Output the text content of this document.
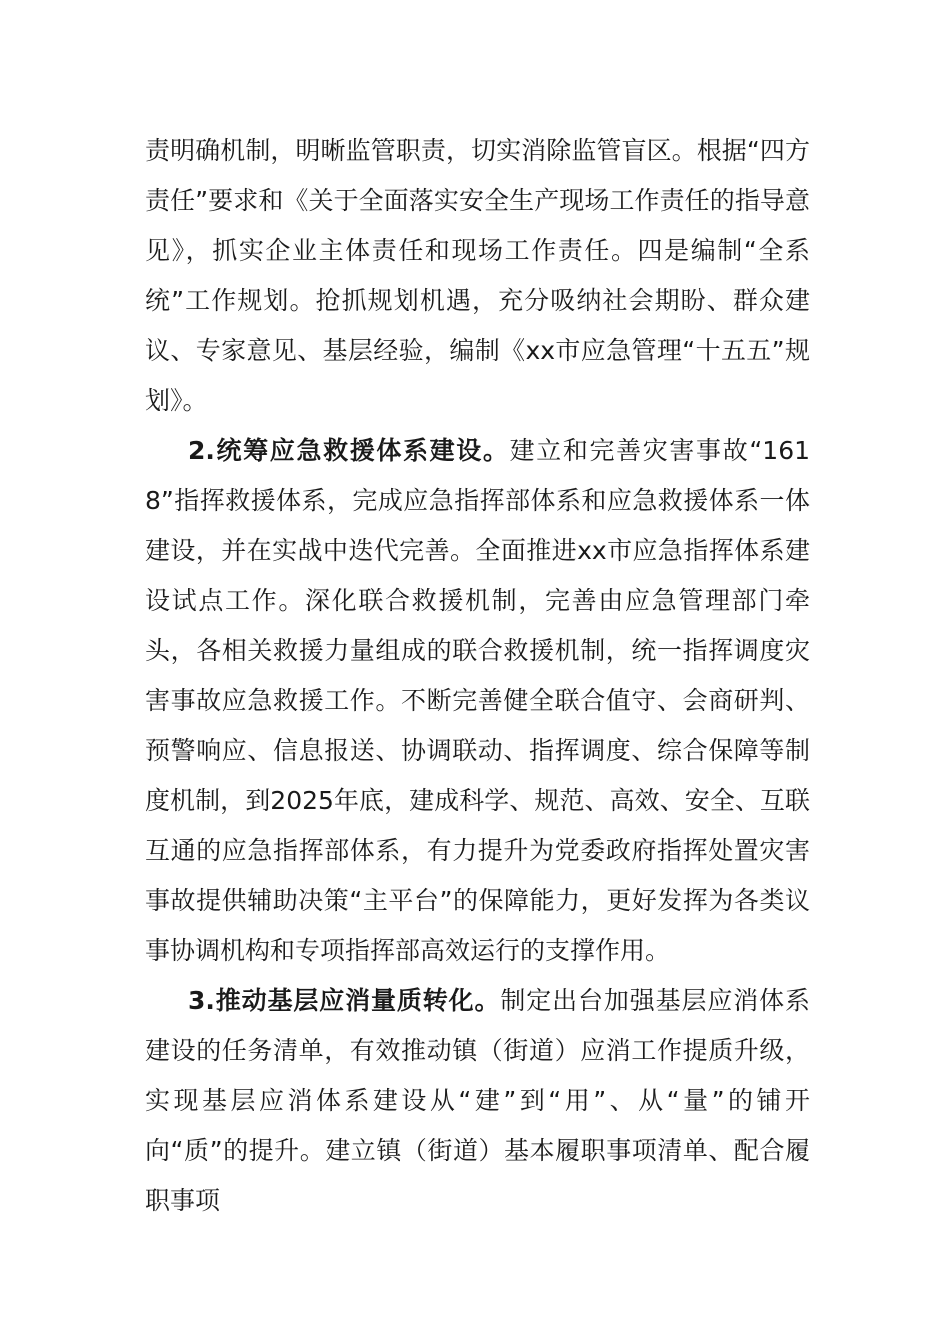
责明确机制，明晰监管职责，切实消除监管盲区。根据“四方责任”要求和《关于全面落实安全生产现场工作责任的指导意见》，抓实企业主体责任和现场工作责任。四是编制“全系统”工作规划。抢抓规划机遇，充分吸纳社会期盼、群众建议、专家意见、基层经验，编制《xx市应急管理“十五五”规划》。

2.统筹应急救援体系建设。建立和完善灾害事故“1618”指挥救援体系，完成应急指挥部体系和应急救援体系一体建设，并在实战中迭代完善。全面推进xx市应急指挥体系建设试点工作。深化联合救援机制，完善由应急管理部门牵头，各相关救援力量组成的联合救援机制，统一指挥调度灾害事故应急救援工作。不断完善健全联合值守、会商研判、预警响应、信息报送、协调联动、指挥调度、综合保障等制度机制，到2025年底，建成科学、规范、高效、安全、互联互通的应急指挥部体系，有力提升为党委政府指挥处置灾害事故提供辅助决策“主平台”的保障能力，更好发挥为各类议事协调机构和专项指挥部高效运行的支撑作用。

3.推动基层应消量质转化。制定出台加强基层应消体系建设的任务清单，有效推动镇（街道）应消工作提质升级，实现基层应消体系建设从“建”到“用”、从“量”的铺开向“质”的提升。建立镇（街道）基本履职事项清单、配合履职事项
